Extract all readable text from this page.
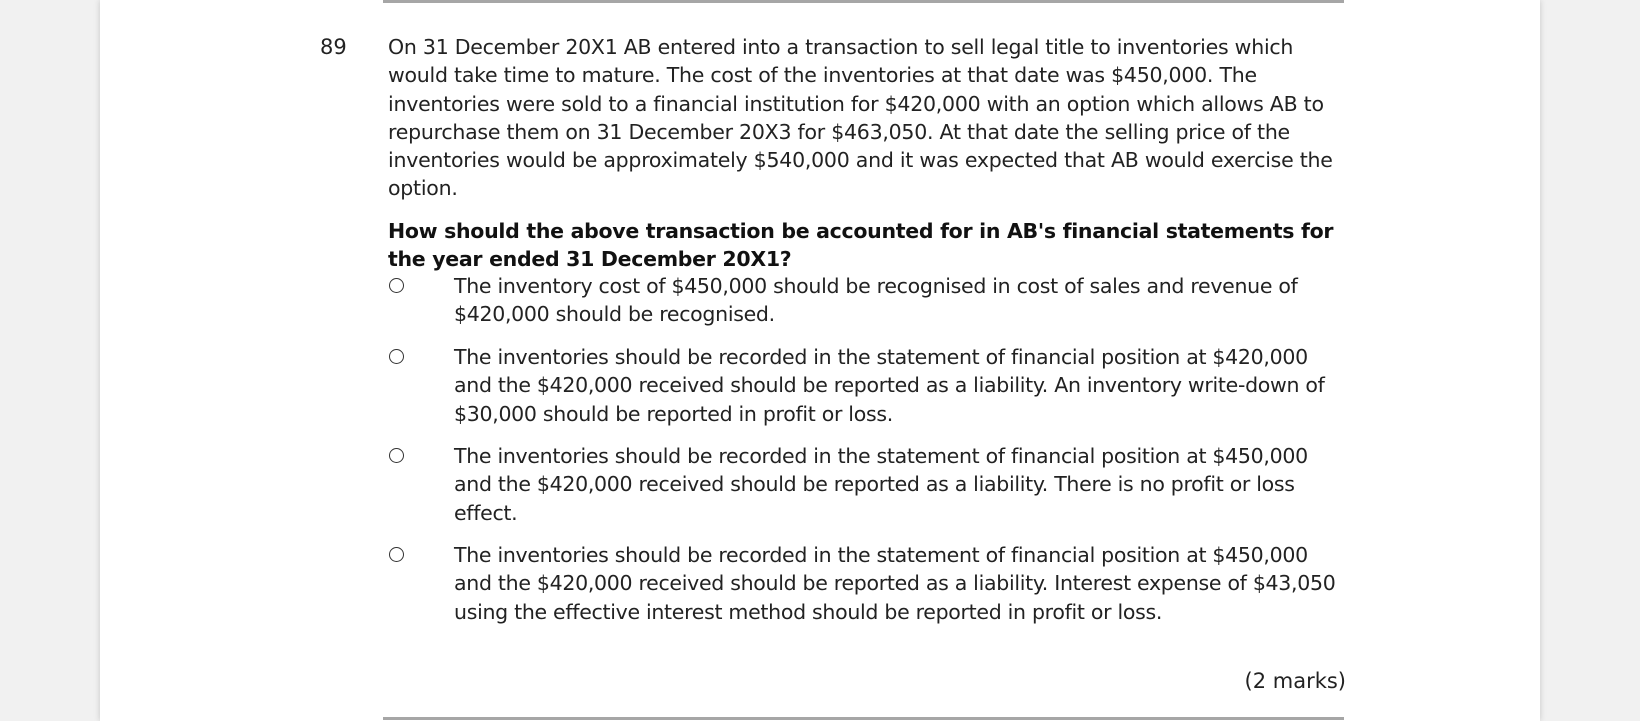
89 On 31 December 20X1 AB entered into a transaction to sell legal title to inventories which would take time to mature. The cost of the inventories at that date was $450,000. The inventories were sold to a financial institution for $420,000 with an option which allows AB to repurchase them on 31 December 20X3 for $463,050. At that date the selling price of the inventories would be approximately $540,000 and it was expected that AB would exercise the option.
How should the above transaction be accounted for in AB's financial statements for the year ended 31 December 20X1?
The inventory cost of $450,000 should be recognised in cost of sales and revenue of $420,000 should be recognised.
The inventories should be recorded in the statement of financial position at $420,000 and the $420,000 received should be reported as a liability. An inventory write-down of $30,000 should be reported in profit or loss.
The inventories should be recorded in the statement of financial position at $450,000 and the $420,000 received should be reported as a liability. There is no profit or loss effect.
The inventories should be recorded in the statement of financial position at $450,000 and the $420,000 received should be reported as a liability. Interest expense of $43,050 using the effective interest method should be reported in profit or loss.
(2 marks)
